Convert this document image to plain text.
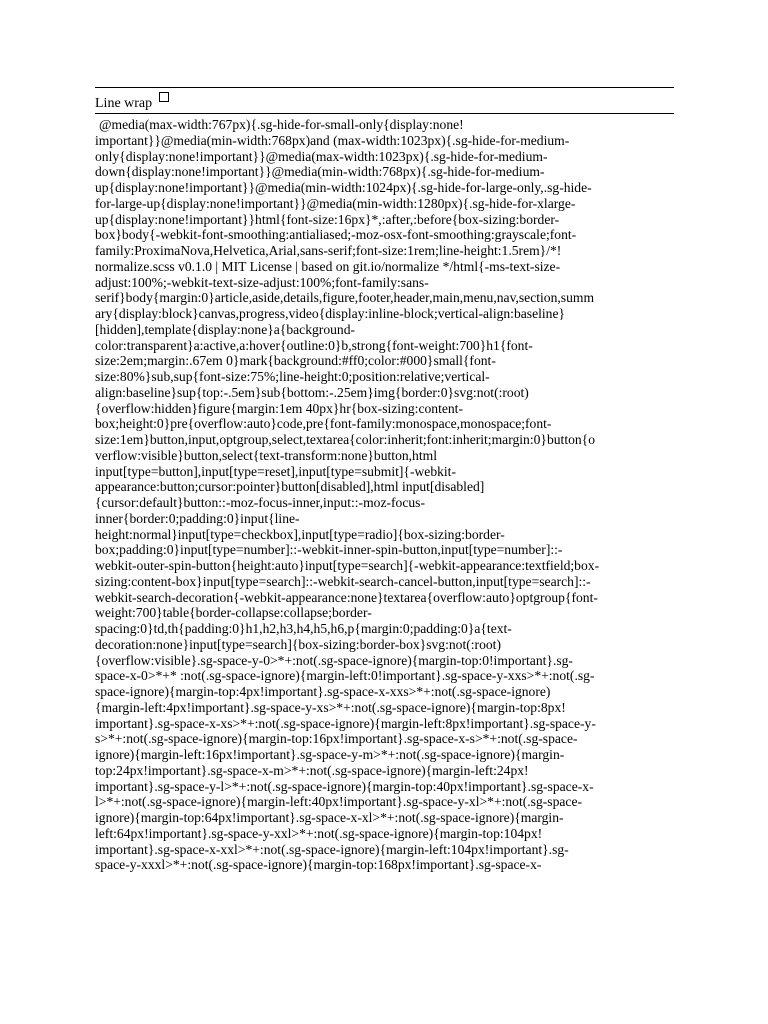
Line wrap
@media(max-width:767px){.sg-hide-for-small-only{display:none!
important}}@media(min-width:768px)and (max-width:1023px){.sg-hide-for-medium-
only{display:none!important}}@media(max-width:1023px){.sg-hide-for-medium-
down{display:none!important}}@media(min-width:768px){.sg-hide-for-medium-
up{display:none!important}}@media(min-width:1024px){.sg-hide-for-large-only,.sg-hide-
for-large-up{display:none!important}}@media(min-width:1280px){.sg-hide-for-xlarge-
up{display:none!important}}html{font-size:16px}*,:after,:before{box-sizing:border-
box}body{-webkit-font-smoothing:antialiased;-moz-osx-font-smoothing:grayscale;font-
family:ProximaNova,Helvetica,Arial,sans-serif;font-size:1rem;line-height:1.5rem}/*!
normalize.scss v0.1.0 | MIT License | based on git.io/normalize */html{-ms-text-size-
adjust:100%;-webkit-text-size-adjust:100%;font-family:sans-
serif}body{margin:0}article,aside,details,figure,footer,header,main,menu,nav,section,summ
ary{display:block}canvas,progress,video{display:inline-block;vertical-align:baseline}
[hidden],template{display:none}a{background-
color:transparent}a:active,a:hover{outline:0}b,strong{font-weight:700}h1{font-
size:2em;margin:.67em 0}mark{background:#ff0;color:#000}small{font-
size:80%}sub,sup{font-size:75%;line-height:0;position:relative;vertical-
align:baseline}sup{top:-.5em}sub{bottom:-.25em}img{border:0}svg:not(:root)
{overflow:hidden}figure{margin:1em 40px}hr{box-sizing:content-
box;height:0}pre{overflow:auto}code,pre{font-family:monospace,monospace;font-
size:1em}button,input,optgroup,select,textarea{color:inherit;font:inherit;margin:0}button{o
verflow:visible}button,select{text-transform:none}button,html
input[type=button],input[type=reset],input[type=submit]{-webkit-
appearance:button;cursor:pointer}button[disabled],html input[disabled]
{cursor:default}button::-moz-focus-inner,input::-moz-focus-
inner{border:0;padding:0}input{line-
height:normal}input[type=checkbox],input[type=radio]{box-sizing:border-
box;padding:0}input[type=number]::-webkit-inner-spin-button,input[type=number]::-
webkit-outer-spin-button{height:auto}input[type=search]{-webkit-appearance:textfield;box-
sizing:content-box}input[type=search]::-webkit-search-cancel-button,input[type=search]::-
webkit-search-decoration{-webkit-appearance:none}textarea{overflow:auto}optgroup{font-
weight:700}table{border-collapse:collapse;border-
spacing:0}td,th{padding:0}h1,h2,h3,h4,h5,h6,p{margin:0;padding:0}a{text-
decoration:none}input[type=search]{box-sizing:border-box}svg:not(:root)
{overflow:visible}.sg-space-y-0>*+:not(.sg-space-ignore){margin-top:0!important}.sg-
space-x-0>*+* :not(.sg-space-ignore){margin-left:0!important}.sg-space-y-xxs>*+:not(.sg-
space-ignore){margin-top:4px!important}.sg-space-x-xxs>*+:not(.sg-space-ignore)
{margin-left:4px!important}.sg-space-y-xs>*+:not(.sg-space-ignore){margin-top:8px!
important}.sg-space-x-xs>*+:not(.sg-space-ignore){margin-left:8px!important}.sg-space-y-
s>*+:not(.sg-space-ignore){margin-top:16px!important}.sg-space-x-s>*+:not(.sg-space-
ignore){margin-left:16px!important}.sg-space-y-m>*+:not(.sg-space-ignore){margin-
top:24px!important}.sg-space-x-m>*+:not(.sg-space-ignore){margin-left:24px!
important}.sg-space-y-l>*+:not(.sg-space-ignore){margin-top:40px!important}.sg-space-x-
l>*+:not(.sg-space-ignore){margin-left:40px!important}.sg-space-y-xl>*+:not(.sg-space-
ignore){margin-top:64px!important}.sg-space-x-xl>*+:not(.sg-space-ignore){margin-
left:64px!important}.sg-space-y-xxl>*+:not(.sg-space-ignore){margin-top:104px!
important}.sg-space-x-xxl>*+:not(.sg-space-ignore){margin-left:104px!important}.sg-
space-y-xxxl>*+:not(.sg-space-ignore){margin-top:168px!important}.sg-space-x-
